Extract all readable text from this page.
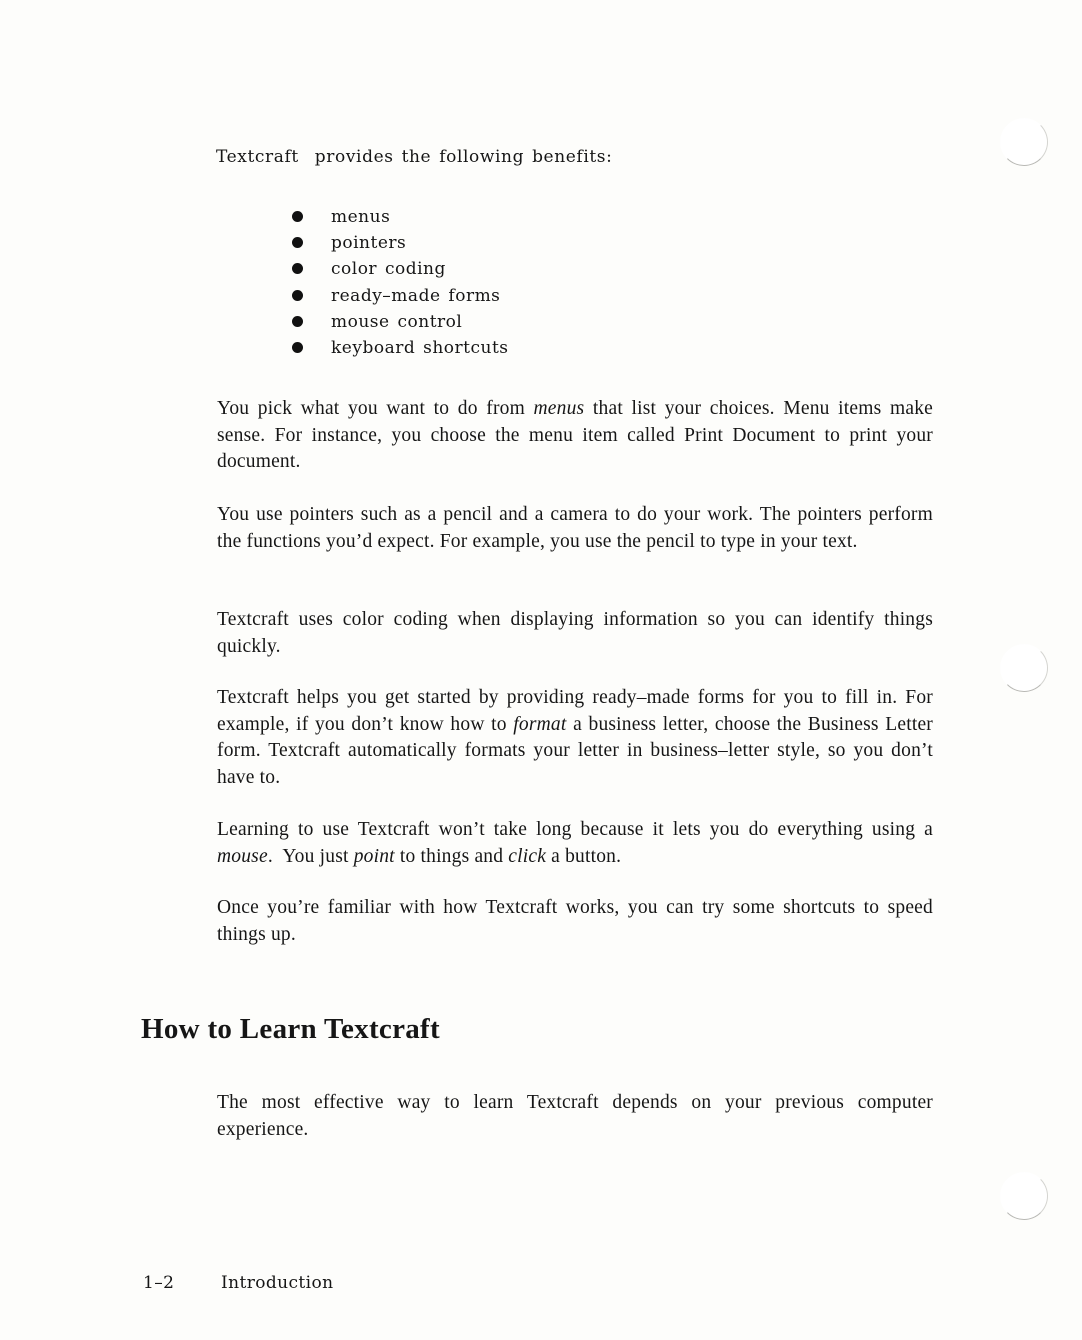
Textcraft  provides the following benefits:
menus
pointers
color coding
ready–made forms
mouse control
keyboard shortcuts

You pick what you want to do from menus that list your choices. Menu items make sense. For instance, you choose the menu item called Print Document to print your document.

You use pointers such as a pencil and a camera to do your work. The pointers perform the functions you’d expect. For example, you use the pencil to type in your text.

Textcraft uses color coding when displaying information so you can identify things quickly.

Textcraft helps you get started by providing ready–made forms for you to fill in. For example, if you don’t know how to format a business letter, choose the Business Letter form. Textcraft automatically formats your letter in business–letter style, so you don’t have to.

Learning to use Textcraft won’t take long because it lets you do everything using a mouse.  You just point to things and click a button.

Once you’re familiar with how Textcraft works, you can try some shortcuts to speed things up.

How to Learn Textcraft

The most effective way to learn Textcraft depends on your previous computer experience.

1–2	Introduction
